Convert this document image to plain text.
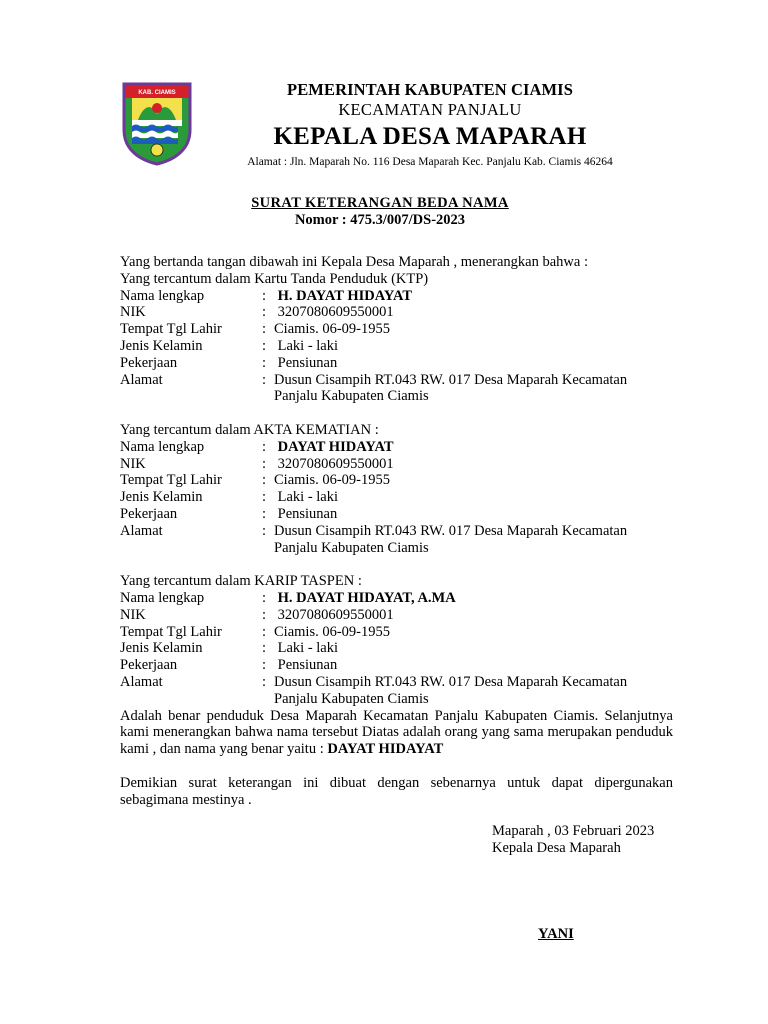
KAB. CIAMIS	PEMERINTAH KABUPATEN CIAMIS
KECAMATAN PANJALU
KEPALA DESA MAPARAH
Alamat : Jln. Maparah No. 116 Desa Maparah Kec. Panjalu Kab. Ciamis 46264
SURAT KETERANGAN BEDA NAMA
Nomor : 475.3/007/DS-2023
Yang bertanda tangan dibawah ini Kepala Desa Maparah , menerangkan bahwa :
Yang tercantum dalam Kartu Tanda Penduduk (KTP)
Nama lengkap	: H. DAYAT HIDAYAT
NIK	: 3207080609550001
Tempat Tgl Lahir	: Ciamis. 06-09-1955
Jenis Kelamin	: Laki - laki
Pekerjaan	: Pensiunan
Alamat	: Dusun Cisampih RT.043 RW. 017 Desa Maparah Kecamatan
Panjalu Kabupaten Ciamis
Yang tercantum dalam AKTA KEMATIAN :
Nama lengkap	: DAYAT HIDAYAT
NIK	: 3207080609550001
Tempat Tgl Lahir	: Ciamis. 06-09-1955
Jenis Kelamin	: Laki - laki
Pekerjaan	: Pensiunan
Alamat	: Dusun Cisampih RT.043 RW. 017 Desa Maparah Kecamatan
Panjalu Kabupaten Ciamis
Yang tercantum dalam KARIP TASPEN :
Nama lengkap	: H. DAYAT HIDAYAT, A.MA
NIK	: 3207080609550001
Tempat Tgl Lahir	: Ciamis. 06-09-1955
Jenis Kelamin	: Laki - laki
Pekerjaan	: Pensiunan
Alamat	: Dusun Cisampih RT.043 RW. 017 Desa Maparah Kecamatan
Panjalu Kabupaten Ciamis
Adalah benar penduduk Desa Maparah Kecamatan Panjalu Kabupaten Ciamis. Selanjutnya kami menerangkan bahwa nama tersebut Diatas adalah orang yang sama merupakan penduduk kami , dan nama yang benar yaitu : DAYAT HIDAYAT
Demikian surat keterangan ini dibuat dengan sebenarnya untuk dapat dipergunakan sebagimana mestinya .
Maparah , 03 Februari 2023
Kepala Desa Maparah
YANI
